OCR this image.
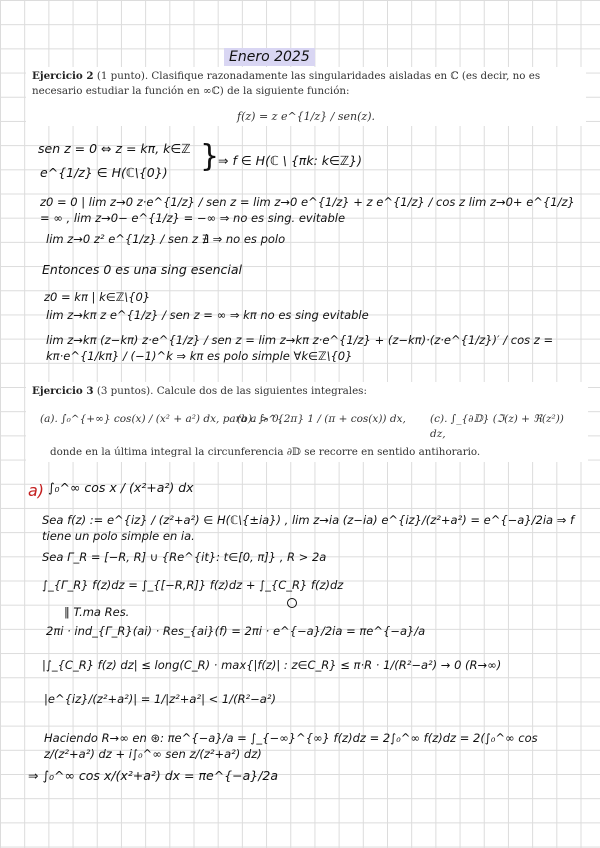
Enero 2025

Ejercicio 2 (1 punto). Clasifique razonadamente las singularidades aisladas en ℂ (es decir, no es necesario estudiar la función en ∞ℂ) de la siguiente función:

f(z) = z e^{1/z} / sen(z).

sen z = 0 ⇔ z = kπ, k∈ℤ
e^{1/z} ∈ H(ℂ\{0}) }
⇒ f ∈ H(ℂ \ {πk: k∈ℤ})
z0 = 0 | lim z→0 z·e^{1/z} / sen z = lim z→0 e^{1/z} + z e^{1/z} / cos z lim z→0+ e^{1/z} = ∞ , lim z→0− e^{1/z} = −∞ ⇒ no es sing. evitable
lim z→0 z² e^{1/z} / sen z ∄ ⇒ no es polo
Entonces 0 es una sing esencial
z0 = kπ | k∈ℤ\{0}
lim z→kπ z e^{1/z} / sen z = ∞ ⇒ kπ no es sing evitable
lim z→kπ (z−kπ) z·e^{1/z} / sen z = lim z→kπ z·e^{1/z} + (z−kπ)·(z·e^{1/z})′ / cos z = kπ·e^{1/kπ} / (−1)^k ⇒ kπ es polo simple ∀k∈ℤ\{0}

Ejercicio 3 (3 puntos). Calcule dos de las siguientes integrales:

(a). ∫₀^{+∞} cos(x) / (x² + a²) dx, para a > 0,
(b). ∫₀^{2π} 1 / (π + cos(x)) dx, (c). ∫_{∂𝔻} (ℑ(z) + ℜ(z²)) dz,

donde en la última integral la circunferencia ∂𝔻 se recorre en sentido antihorario.

a) ∫₀^∞ cos x / (x²+a²) dx
Sea f(z) := e^{iz} / (z²+a²) ∈ H(ℂ\{±ia}) , lim z→ia (z−ia) e^{iz}/(z²+a²) = e^{−a}/2ia ⇒ f tiene un polo simple en ia.
Sea Γ_R = [−R, R] ∪ {Re^{it}: t∈[0, π]} , R > 2a
∫_{Γ_R} f(z)dz = ∫_{[−R,R]} f(z)dz + ∫_{C_R} f(z)dz
‖ T.ma Res.
2πi · ind_{Γ_R}(ai) · Res_{ai}(f) = 2πi · e^{−a}/2ia = πe^{−a}/a
|∫_{C_R} f(z) dz| ≤ long(C_R) · max{|f(z)| : z∈C_R} ≤ π·R · 1/(R²−a²) → 0 (R→∞)
|e^{iz}/(z²+a²)| = 1/|z²+a²| < 1/(R²−a²)
Haciendo R→∞ en ⊛: πe^{−a}/a = ∫_{−∞}^{∞} f(z)dz = 2∫₀^∞ f(z)dz = 2(∫₀^∞ cos z/(z²+a²) dz + i∫₀^∞ sen z/(z²+a²) dz)
⇒ ∫₀^∞ cos x/(x²+a²) dx = πe^{−a}/2a
